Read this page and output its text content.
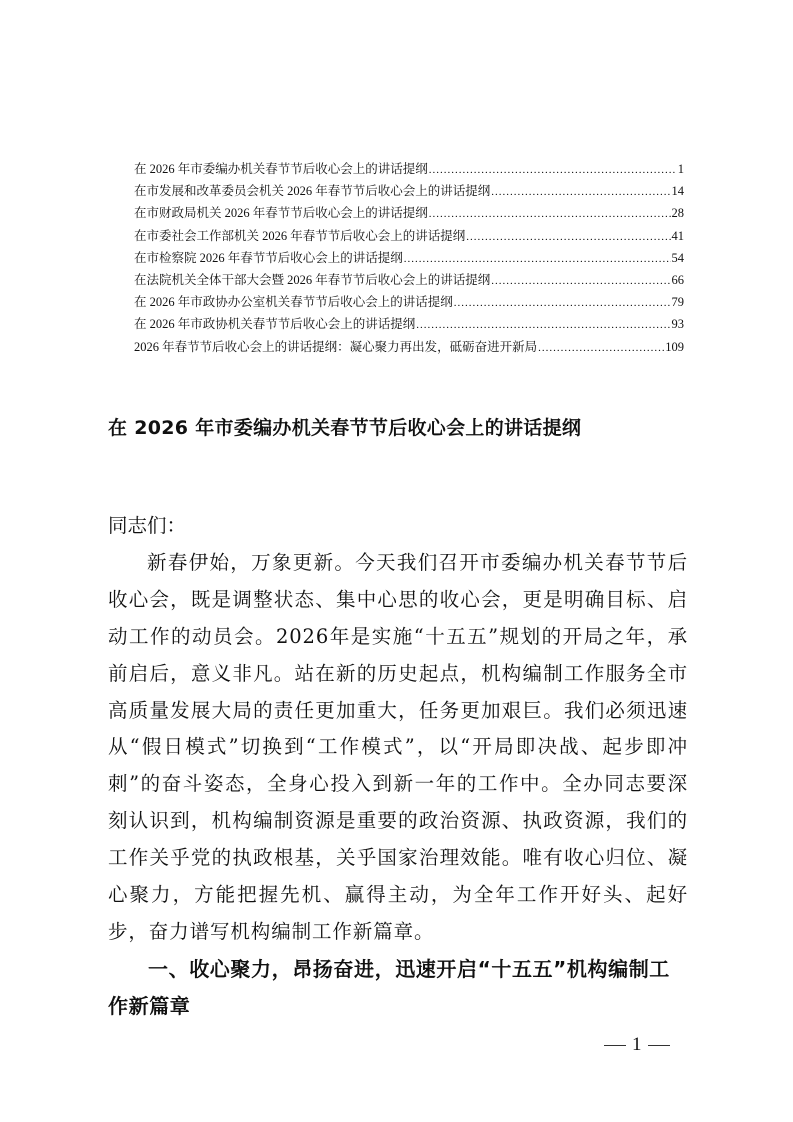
在 2026 年市委编办机关春节节后收心会上的讲话提纲 .....	1
在市发展和改革委员会机关 2026 年春节节后收心会上的讲话提纲 .....	14
在市财政局机关 2026 年春节节后收心会上的讲话提纲 .....	28
在市委社会工作部机关 2026 年春节节后收心会上的讲话提纲 .....	41
在市检察院 2026 年春节节后收心会上的讲话提纲 .....	54
在法院机关全体干部大会暨 2026 年春节节后收心会上的讲话提纲 .....	66
在 2026 年市政协办公室机关春节节后收心会上的讲话提纲 .....	79
在 2026 年市政协机关春节节后收心会上的讲话提纲 .....	93
2026 年春节节后收心会上的讲话提纲：凝心聚力再出发，砥砺奋进开新局 .....	109
在 2026 年市委编办机关春节节后收心会上的讲话提纲

同志们：

新春伊始，万象更新。今天我们召开市委编办机关春节节后收心会，既是调整状态、集中心思的收心会，更是明确目标、启动工作的动员会。2026年是实施“十五五”规划的开局之年，承前启后，意义非凡。站在新的历史起点，机构编制工作服务全市高质量发展大局的责任更加重大，任务更加艰巨。我们必须迅速从“假日模式”切换到“工作模式”，以“开局即决战、起步即冲刺”的奋斗姿态，全身心投入到新一年的工作中。全办同志要深刻认识到，机构编制资源是重要的政治资源、执政资源，我们的工作关乎党的执政根基，关乎国家治理效能。唯有收心归位、凝心聚力，方能把握先机、赢得主动，为全年工作开好头、起好步，奋力谱写机构编制工作新篇章。

一、收心聚力，昂扬奋进，迅速开启“十五五”机构编制工作新篇章

1
